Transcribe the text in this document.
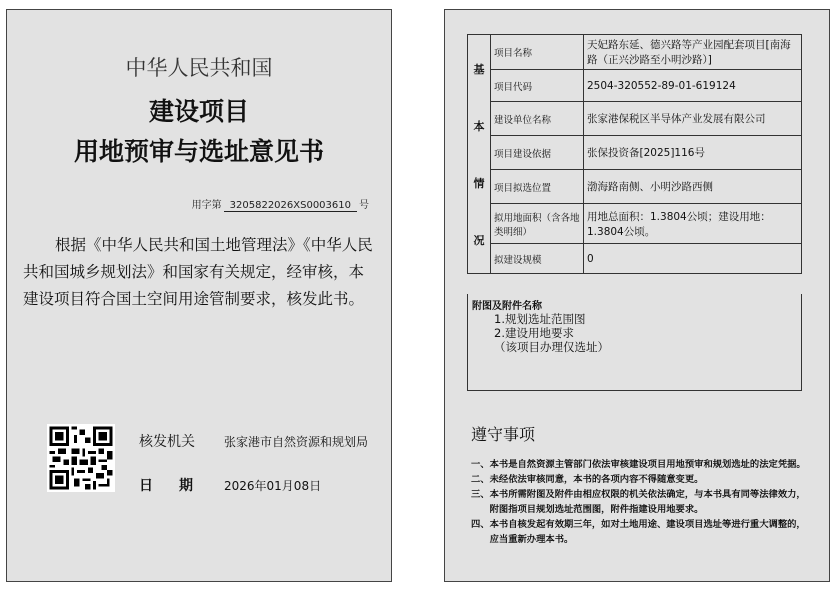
中华人民共和国
建设项目
用地预审与选址意见书
用字第 3205822026XS0003610 号
根据《中华人民共和国土地管理法》《中华人民共和国城乡规划法》和国家有关规定，经审核，本建设项目符合国土空间用途管制要求，核发此书。
核发机关 张家港市自然资源和规划局
日期 2026年01月08日
基
本
情
况	项目名称	天妃路东延、德兴路等产业园配套项目[南海路（正兴沙路至小明沙路）]
	项目代码	2504-320552-89-01-619124
	建设单位名称	张家港保税区半导体产业发展有限公司
	项目建设依据	张保投资备[2025]116号
	项目拟选位置	渤海路南侧、小明沙路西侧
	拟用地面积（含各地类明细）	用地总面积：1.3804公顷；建设用地：1.3804公顷。
	拟建设规模	0
附图及附件名称
1.规划选址范围图
2.建设用地要求
（该项目办理仅选址）
遵守事项
一、 本书是自然资源主管部门依法审核建设项目用地预审和规划选址的法定凭据。
二、 未经依法审核同意，本书的各项内容不得随意变更。
三、 本书所需附图及附件由相应权限的机关依法确定，与本书具有同等法律效力，附图指项目规划选址范围图，附件指建设用地要求。
四、 本书自核发起有效期三年，如对土地用途、建设项目选址等进行重大调整的，应当重新办理本书。
